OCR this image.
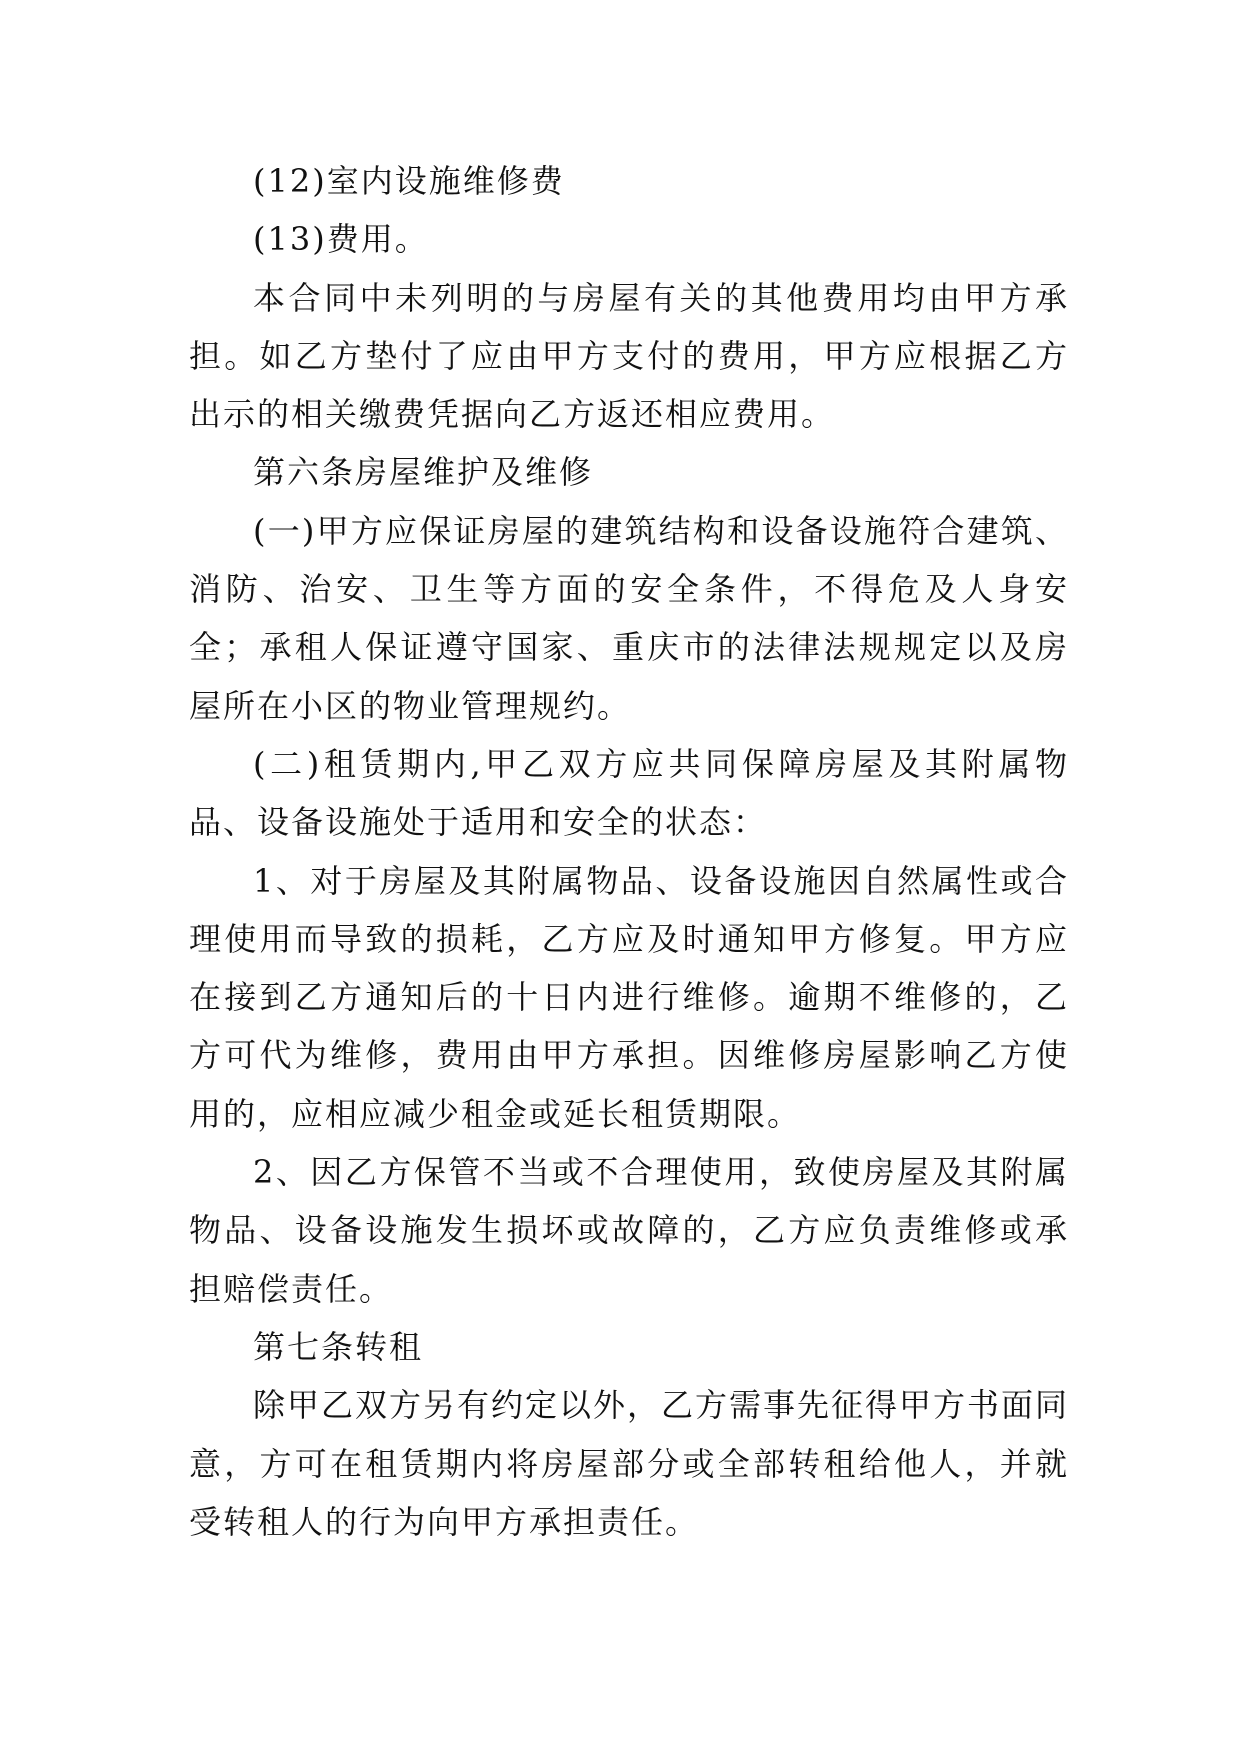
(12)室内设施维修费

(13)费用。

本合同中未列明的与房屋有关的其他费用均由甲方承担。如乙方垫付了应由甲方支付的费用，甲方应根据乙方出示的相关缴费凭据向乙方返还相应费用。

第六条房屋维护及维修

(一)甲方应保证房屋的建筑结构和设备设施符合建筑、消防、治安、卫生等方面的安全条件，不得危及人身安全；承租人保证遵守国家、重庆市的法律法规规定以及房屋所在小区的物业管理规约。

(二)租赁期内,甲乙双方应共同保障房屋及其附属物品、设备设施处于适用和安全的状态：

1、对于房屋及其附属物品、设备设施因自然属性或合理使用而导致的损耗，乙方应及时通知甲方修复。甲方应在接到乙方通知后的十日内进行维修。逾期不维修的，乙方可代为维修，费用由甲方承担。因维修房屋影响乙方使用的，应相应减少租金或延长租赁期限。

2、因乙方保管不当或不合理使用，致使房屋及其附属物品、设备设施发生损坏或故障的，乙方应负责维修或承担赔偿责任。

第七条转租

除甲乙双方另有约定以外，乙方需事先征得甲方书面同意，方可在租赁期内将房屋部分或全部转租给他人，并就受转租人的行为向甲方承担责任。
